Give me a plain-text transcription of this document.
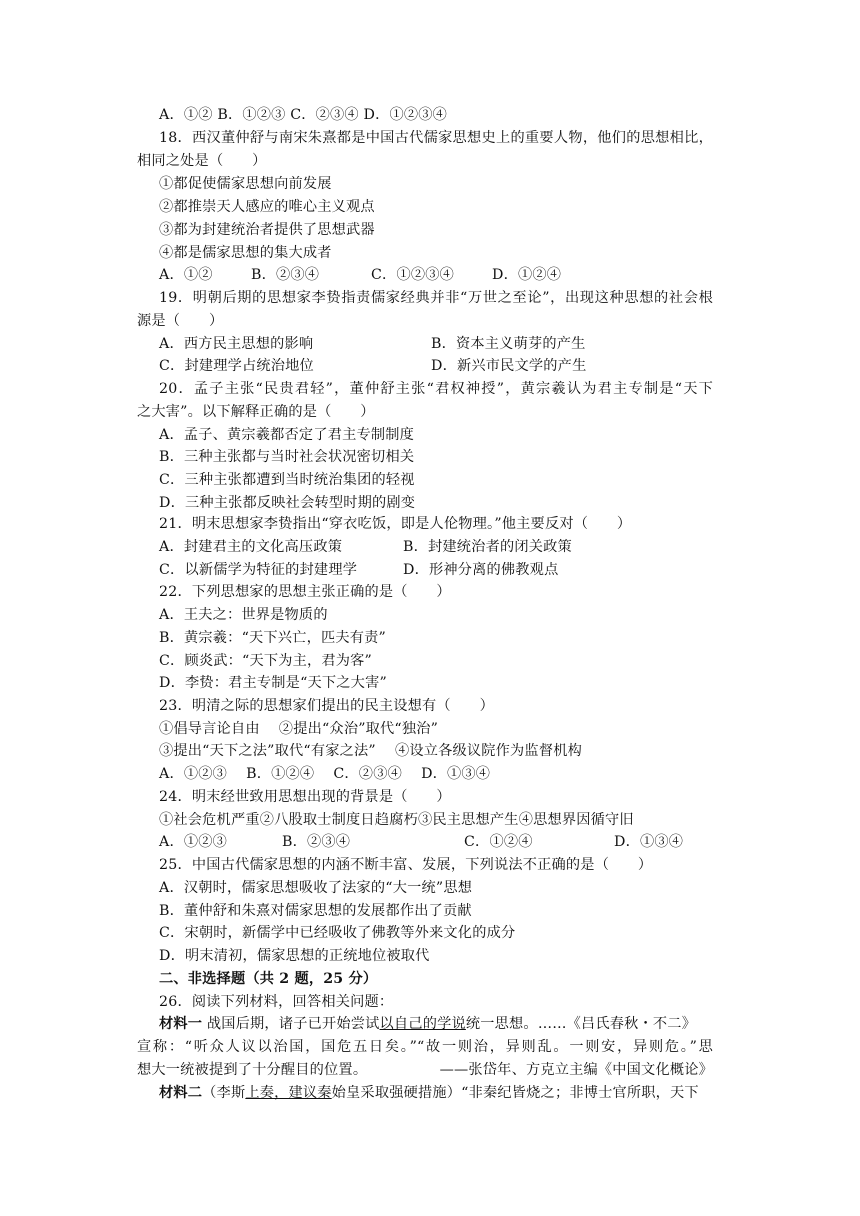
A．①② B．①②③ C．②③④ D．①②③④
18．西汉董仲舒与南宋朱熹都是中国古代儒家思想史上的重要人物，他们的思想相比，
相同之处是（　　）
①都促使儒家思想向前发展
②都推崇天人感应的唯心主义观点
③都为封建统治者提供了思想武器
④都是儒家思想的集大成者
A．①②	B．②③④	C．①②③④	D．①②④
19．明朝后期的思想家李贽指责儒家经典并非“万世之至论”，出现这种思想的社会根
源是（　　）
A．西方民主思想的影响	B．资本主义萌芽的产生
C．封建理学占统治地位	D．新兴市民文学的产生
20．孟子主张“民贵君轻”，董仲舒主张“君权神授”，黄宗羲认为君主专制是“天下
之大害”。以下解释正确的是（　　）
A．孟子、黄宗羲都否定了君主专制制度
B．三种主张都与当时社会状况密切相关
C．三种主张都遭到当时统治集团的轻视
D．三种主张都反映社会转型时期的剧变
21．明末思想家李贽指出“穿衣吃饭，即是人伦物理。”他主要反对（　　）
A．封建君主的文化高压政策	B．封建统治者的闭关政策
C．以新儒学为特征的封建理学	D．形神分离的佛教观点
22．下列思想家的思想主张正确的是（　　）
A．王夫之：世界是物质的
B．黄宗羲：“天下兴亡，匹夫有责”
C．顾炎武：“天下为主，君为客”
D．李贽：君主专制是“天下之大害”
23．明清之际的思想家们提出的民主设想有（　　）
①倡导言论自由　 ②提出“众治”取代“独治”
③提出“天下之法”取代“有家之法”　 ④设立各级议院作为监督机构
A．①②③　 B．①②④　 C．②③④　 D．①③④
24．明末经世致用思想出现的背景是（　　）
①社会危机严重②八股取士制度日趋腐朽③民主思想产生④思想界因循守旧
A．①②③	B．②③④	C．①②④	D．①③④
25．中国古代儒家思想的内涵不断丰富、发展，下列说法不正确的是（　　）
A．汉朝时，儒家思想吸收了法家的“大一统”思想
B．董仲舒和朱熹对儒家思想的发展都作出了贡献
C．宋朝时，新儒学中已经吸收了佛教等外来文化的成分
D．明末清初，儒家思想的正统地位被取代
二、非选择题（共 2 题，25 分）
26．阅读下列材料，回答相关问题：
材料一 战国后期，诸子已开始尝试以自己的学说统一思想。……《吕氏春秋・不二》
宣称：“听众人议以治国，国危五日矣。”“故一则治，异则乱。一则安，异则危。”思
想大一统被提到了十分醒目的位置。	——张岱年、方克立主编《中国文化概论》
材料二（李斯上奏，建议秦始皇采取强硬措施）“非秦纪皆烧之；非博士官所职，天下
